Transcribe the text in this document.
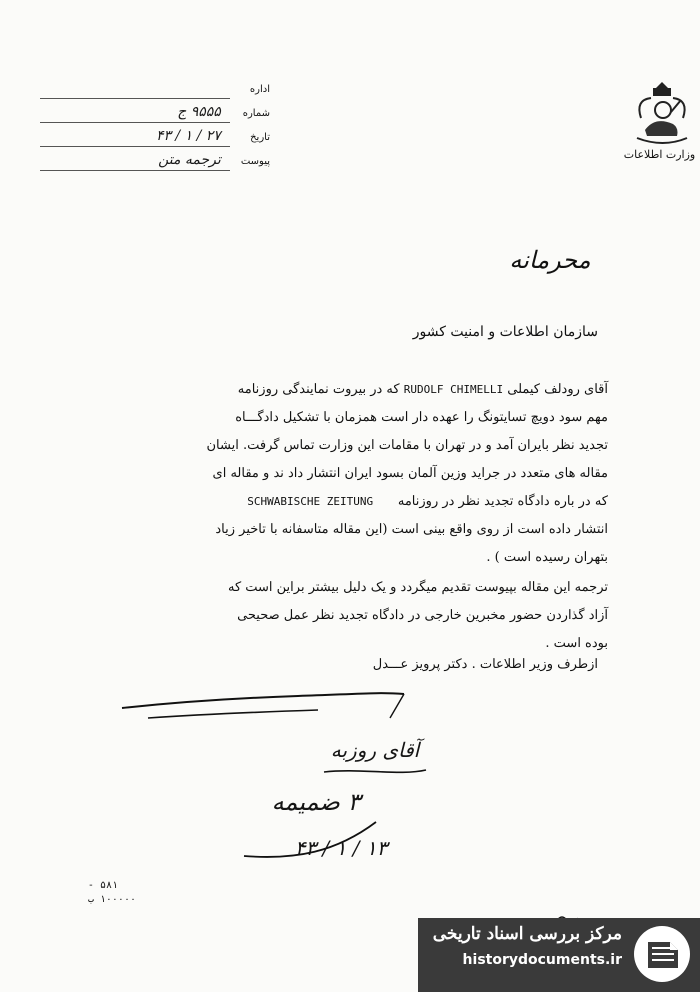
وزارت اطلاعات
اداره
شماره ۹۵۵۵ ج
تاریخ ۲۷ / ۱ / ۴۳
پیوست ترجمه متن
محرمانه
سازمان اطلاعات و امنیت کشور
آقای رودلف کیملی RUDOLF CHIMELLI که در بیروت نمایندگی روزنامه
مهم سود دویچ تسایتونگ را عهده دار است همزمان با تشکیل دادگـــاه
تجدید نظر بایران آمد و در تهران با مقامات این وزارت تماس گرفت. ایشان
مقاله های متعدد در جراید وزین آلمان بسود ایران انتشار داد ند و مقاله ای
که در باره دادگاه تجدید نظر در روزنامه      SCHWABISCHE ZEITUNG
انتشار داده است از روی واقع بینی است (این مقاله متاسفانه با تاخیر زیاد
بتهران رسیده است ) .
ترجمه این مقاله بپیوست تقدیم میگردد و یک دلیل بیشتر براین است که
آزاد گذاردن حضور مخبرین خارجی در دادگاه تجدید نظر عمل صحیحی
بوده است .
ازطرف وزیر اطلاعات . دکتر پرویز عـــدل
آقای روزبه
۳ ضمیمه
۱۳ / ۱ / ۴۳
۵۸۱ -
۱۰۰۰۰۰ ب
مرکز بررسی اسناد تاریخی
historydocuments.ir
